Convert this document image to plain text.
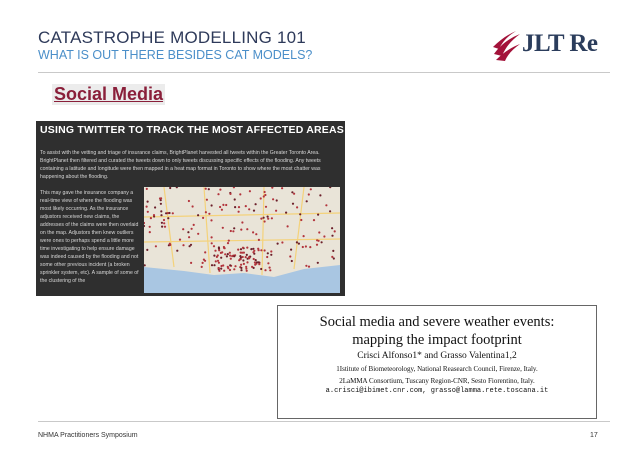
CATASTROPHE MODELLING 101
WHAT IS OUT THERE BESIDES CAT MODELS?	JLT Re
Social Media
USING TWITTER TO TRACK THE MOST AFFECTED AREAS
To assist with the vetting and triage of insurance claims, BrightPlanet harvested all tweets within the Greater Toronto Area. BrightPlanet then filtered and curated the tweets down to only tweets discussing specific effects of the flooding. Any tweets containing a latitude and longitude were then mapped in a heat map format in Toronto to show where the most chatter was happening about the flooding.
This may gave the insurance company a real-time view of where the flooding was most likely occurring. As the insurance adjustors received new claims, the addresses of the claims were then overlaid on the map. Adjustors then knew outliers were ones to perhaps spend a little more time investigating to help ensure damage was indeed caused by the flooding and not some other previous incident (a broken sprinkler system, etc). A sample of some of the clustering of the
Social media and severe weather events:
mapping the impact footprint
Crisci Alfonso1* and Grasso Valentina1,2
1Istitute of Biometeorology, National Reasearch Council, Firenze, Italy.
2LaMMA Consortium, Tuscany Region-CNR, Sesto Fiorentino, Italy.
a.crisci@ibimet.cnr.com, grasso@lamma.rete.toscana.it
NHMA Practitioners Symposium	17
